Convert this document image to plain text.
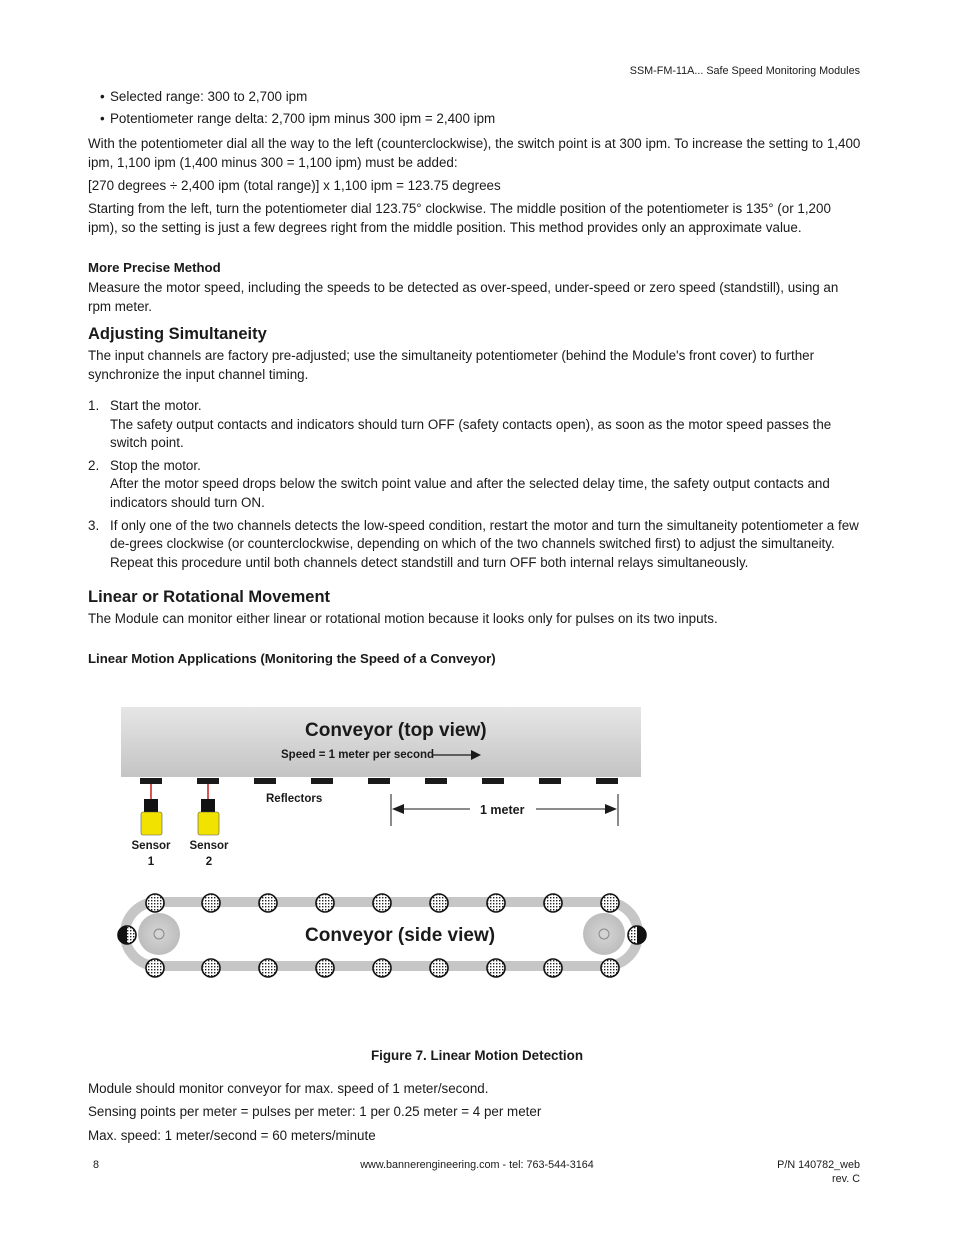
SSM-FM-11A... Safe Speed Monitoring Modules
• Selected range: 300 to 2,700 ipm
• Potentiometer range delta: 2,700 ipm minus 300 ipm = 2,400 ipm

With the potentiometer dial all the way to the left (counterclockwise), the switch point is at 300 ipm. To increase the setting to 1,400 ipm, 1,100 ipm (1,400 minus 300 = 1,100 ipm) must be added:

[270 degrees ÷ 2,400 ipm (total range)] x 1,100 ipm = 123.75 degrees

Starting from the left, turn the potentiometer dial 123.75° clockwise. The middle position of the potentiometer is 135° (or 1,200 ipm), so the setting is just a few degrees right from the middle position. This method provides only an approximate value.

More Precise Method

Measure the motor speed, including the speeds to be detected as over-speed, under-speed or zero speed (standstill), using an rpm meter.

Adjusting Simultaneity

The input channels are factory pre-adjusted; use the simultaneity potentiometer (behind the Module's front cover) to further synchronize the input channel timing.

1. Start the motor.
The safety output contacts and indicators should turn OFF (safety contacts open), as soon as the motor speed passes the switch point.
2. Stop the motor.
After the motor speed drops below the switch point value and after the selected delay time, the safety output contacts and indicators should turn ON.
3. If only one of the two channels detects the low-speed condition, restart the motor and turn the simultaneity potentiometer a few de-grees clockwise (or counterclockwise, depending on which of the two channels switched first) to adjust the simultaneity. Repeat this procedure until both channels detect standstill and turn OFF both internal relays simultaneously.
Linear or Rotational Movement

The Module can monitor either linear or rotational motion because it looks only for pulses on its two inputs.

Linear Motion Applications (Monitoring the Speed of a Conveyor)
Conveyor (top view)
Speed = 1 meter per second
Reflectors
1 meter
Sensor
1
Sensor
2
Conveyor (side view)
Figure 7. Linear Motion Detection

Module should monitor conveyor for max. speed of 1 meter/second.

Sensing points per meter = pulses per meter: 1 per 0.25 meter = 4 per meter

Max. speed: 1 meter/second = 60 meters/minute

8	www.bannerengineering.com - tel: 763-544-3164	P/N 140782_web
rev. C
